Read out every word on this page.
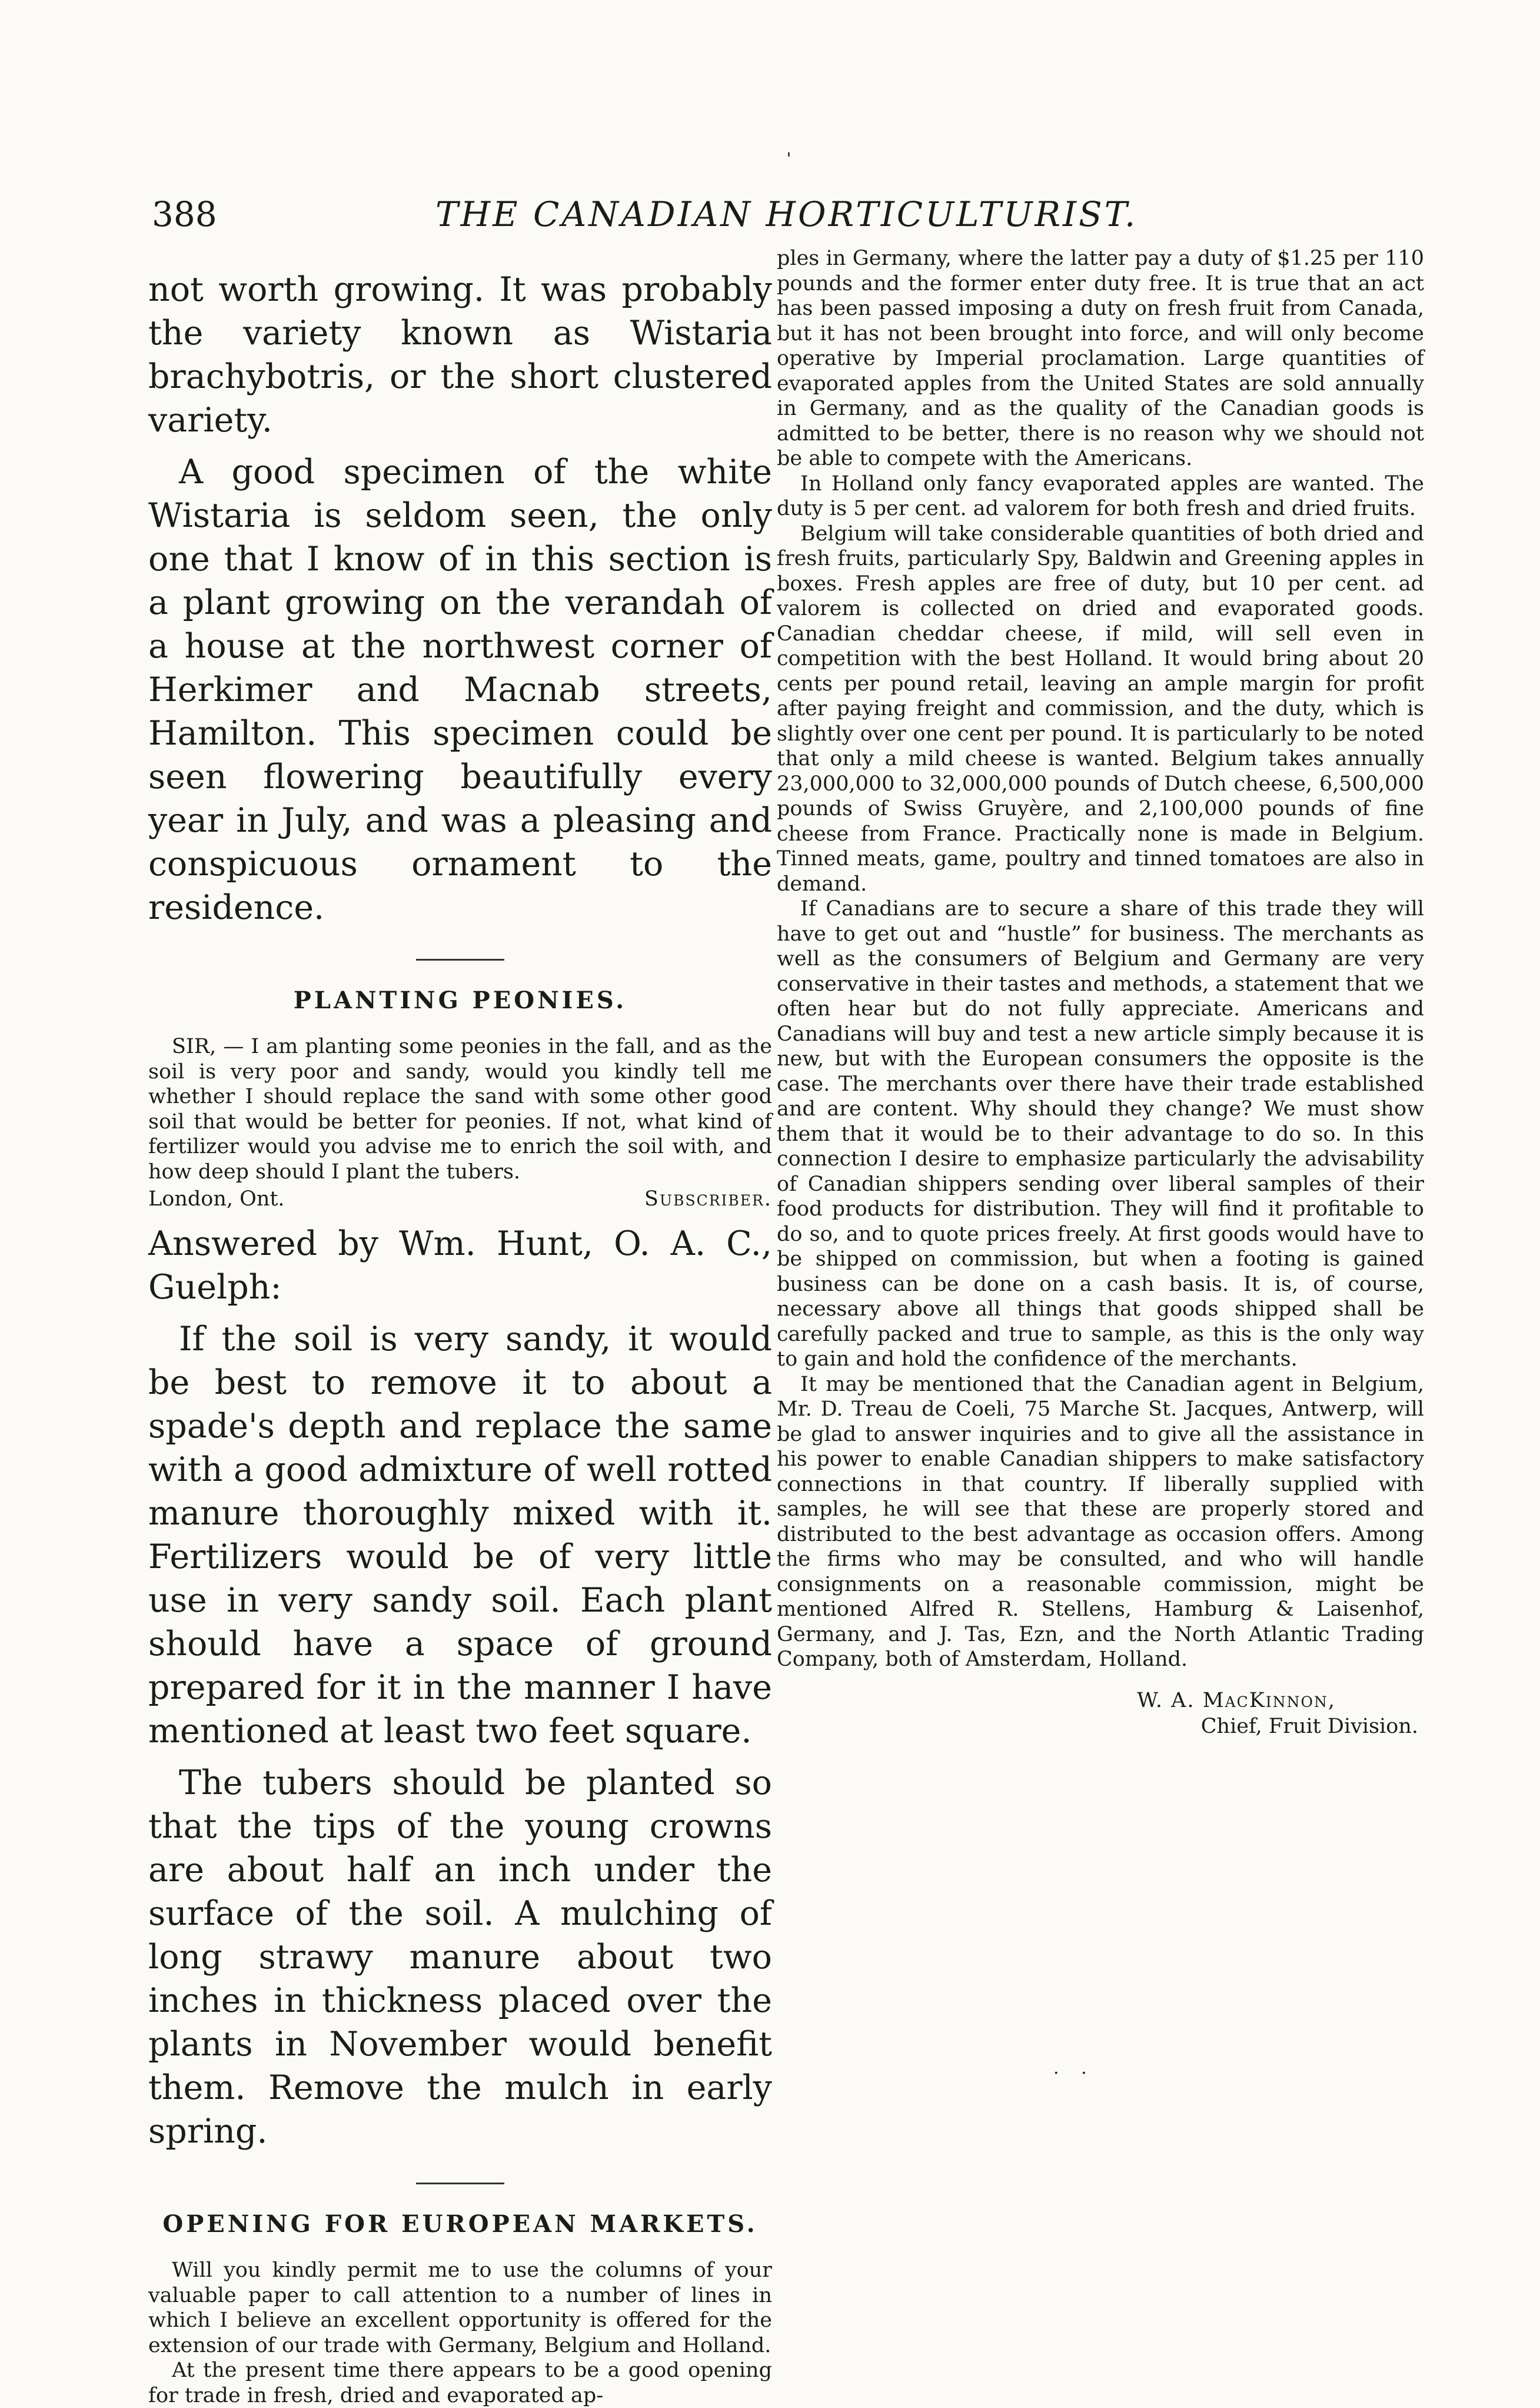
ˌ
388	THE CANADIAN HORTICULTURIST.

not worth growing. It was probably the variety known as Wistaria brachybotris, or the short clustered variety.

A good specimen of the white Wistaria is seldom seen, the only one that I know of in this section is a plant growing on the verandah of a house at the northwest corner of Herkimer and Macnab streets, Hamilton. This specimen could be seen flowering beautifully every year in July, and was a pleasing and conspicuous ornament to the residence.

PLANTING PEONIES.

SIR, — I am planting some peonies in the fall, and as the soil is very poor and sandy, would you kindly tell me whether I should replace the sand with some other good soil that would be better for peonies. If not, what kind of fertilizer would you advise me to enrich the soil with, and how deep should I plant the tubers.

London, Ont.	Subscriber.

Answered by Wm. Hunt, O. A. C., Guelph:

If the soil is very sandy, it would be best to remove it to about a spade's depth and replace the same with a good admixture of well rotted manure thoroughly mixed with it. Fertilizers would be of very little use in very sandy soil. Each plant should have a space of ground prepared for it in the manner I have mentioned at least two feet square.

The tubers should be planted so that the tips of the young crowns are about half an inch under the surface of the soil. A mulching of long strawy manure about two inches in thickness placed over the plants in November would benefit them. Remove the mulch in early spring.

OPENING FOR EUROPEAN MARKETS.

Will you kindly permit me to use the columns of your valuable paper to call attention to a number of lines in which I believe an excellent opportunity is offered for the extension of our trade with Germany, Belgium and Holland.

At the present time there appears to be a good opening for trade in fresh, dried and evaporated ap-

ples in Germany, where the latter pay a duty of $1.25 per 110 pounds and the former enter duty free. It is true that an act has been passed imposing a duty on fresh fruit from Canada, but it has not been brought into force, and will only become operative by Imperial proclamation. Large quantities of evaporated apples from the United States are sold annually in Germany, and as the quality of the Canadian goods is admitted to be better, there is no reason why we should not be able to compete with the Americans.

In Holland only fancy evaporated apples are wanted. The duty is 5 per cent. ad valorem for both fresh and dried fruits.

Belgium will take considerable quantities of both dried and fresh fruits, particularly Spy, Baldwin and Greening apples in boxes. Fresh apples are free of duty, but 10 per cent. ad valorem is collected on dried and evaporated goods. Canadian cheddar cheese, if mild, will sell even in competition with the best Holland. It would bring about 20 cents per pound retail, leaving an ample margin for profit after paying freight and commission, and the duty, which is slightly over one cent per pound. It is particularly to be noted that only a mild cheese is wanted. Belgium takes annually 23,000,000 to 32,000,000 pounds of Dutch cheese, 6,500,000 pounds of Swiss Gruyère, and 2,100,000 pounds of fine cheese from France. Practically none is made in Belgium. Tinned meats, game, poultry and tinned tomatoes are also in demand.

If Canadians are to secure a share of this trade they will have to get out and “hustle” for business. The merchants as well as the consumers of Belgium and Germany are very conservative in their tastes and methods, a statement that we often hear but do not fully appreciate. Americans and Canadians will buy and test a new article simply because it is new, but with the European consumers the opposite is the case. The merchants over there have their trade established and are content. Why should they change? We must show them that it would be to their advantage to do so. In this connection I desire to emphasize particularly the advisability of Canadian shippers sending over liberal samples of their food products for distribution. They will find it profitable to do so, and to quote prices freely. At first goods would have to be shipped on commission, but when a footing is gained business can be done on a cash basis. It is, of course, necessary above all things that goods shipped shall be carefully packed and true to sample, as this is the only way to gain and hold the confidence of the merchants.

It may be mentioned that the Canadian agent in Belgium, Mr. D. Treau de Coeli, 75 Marche St. Jacques, Antwerp, will be glad to answer inquiries and to give all the assistance in his power to enable Canadian shippers to make satisfactory connections in that country. If liberally supplied with samples, he will see that these are properly stored and distributed to the best advantage as occasion offers. Among the firms who may be consulted, and who will handle consignments on a reasonable commission, might be mentioned Alfred R. Stellens, Hamburg & Laisenhof, Germany, and J. Tas, Ezn, and the North Atlantic Trading Company, both of Amsterdam, Holland.

W. A. MacKinnon,
Chief, Fruit Division.
· ·
